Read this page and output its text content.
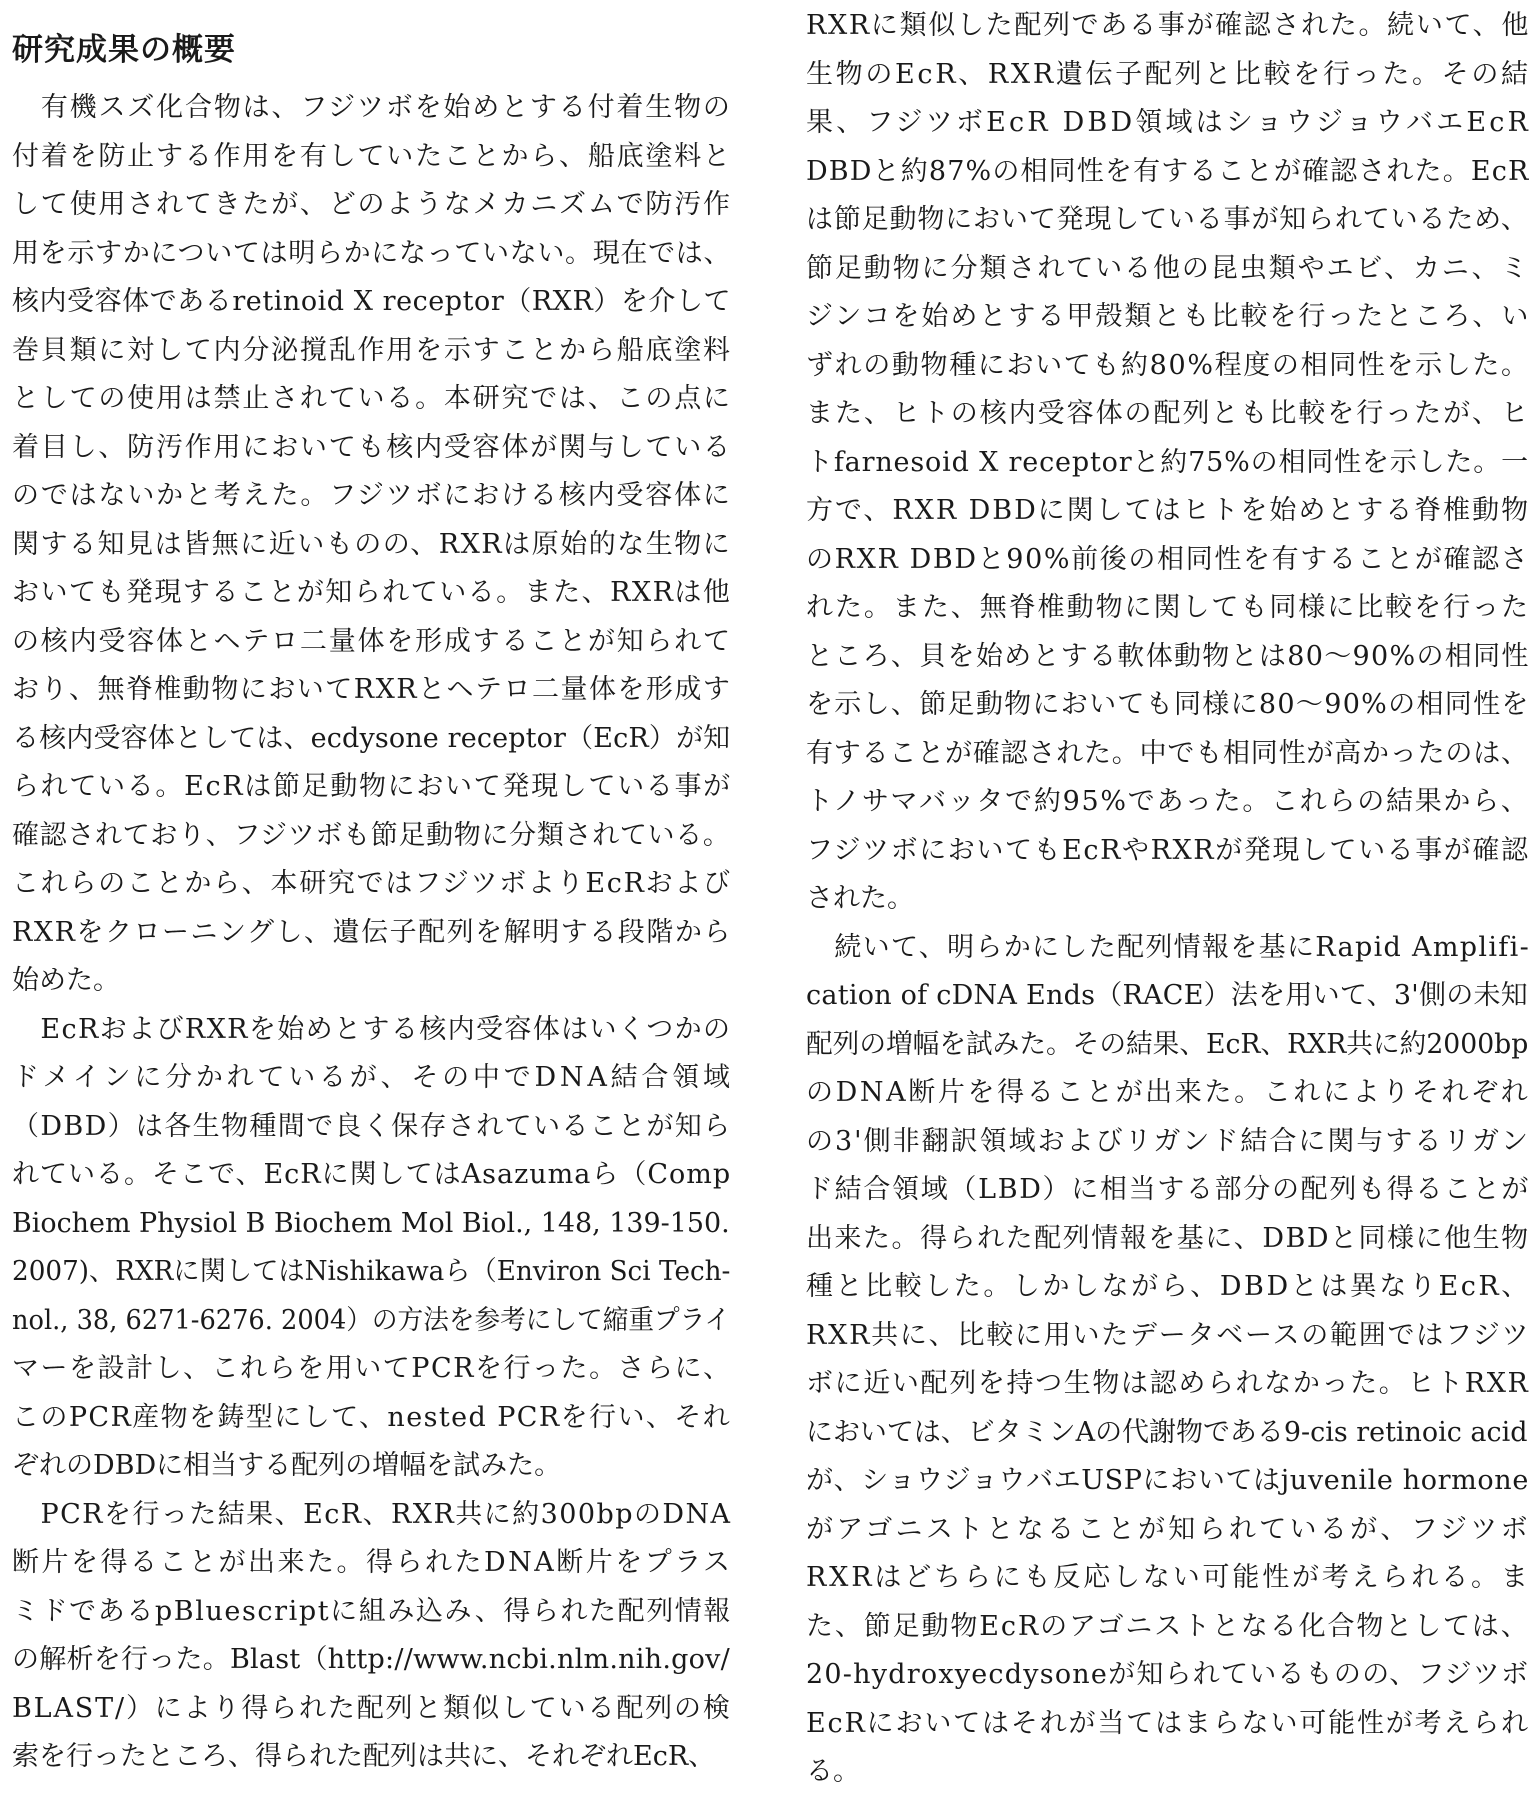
研究成果の概要
　有機スズ化合物は、フジツボを始めとする付着生物の
付着を防止する作用を有していたことから、船底塗料と
して使用されてきたが、どのようなメカニズムで防汚作
用を示すかについては明らかになっていない。現在では、
核内受容体であるretinoid X receptor（RXR）を介して
巻貝類に対して内分泌撹乱作用を示すことから船底塗料
としての使用は禁止されている。本研究では、この点に
着目し、防汚作用においても核内受容体が関与している
のではないかと考えた。フジツボにおける核内受容体に
関する知見は皆無に近いものの、RXRは原始的な生物に
おいても発現することが知られている。また、RXRは他
の核内受容体とヘテロ二量体を形成することが知られて
おり、無脊椎動物においてRXRとヘテロ二量体を形成す
る核内受容体としては、ecdysone receptor（EcR）が知
られている。EcRは節足動物において発現している事が
確認されており、フジツボも節足動物に分類されている。
これらのことから、本研究ではフジツボよりEcRおよび
RXRをクローニングし、遺伝子配列を解明する段階から
始めた。
　EcRおよびRXRを始めとする核内受容体はいくつかの
ドメインに分かれているが、その中でDNA結合領域
（DBD）は各生物種間で良く保存されていることが知ら
れている。そこで、EcRに関してはAsazumaら（Comp
Biochem Physiol B Biochem Mol Biol., 148, 139-150.
2007)、RXRに関してはNishikawaら（Environ Sci Tech-
nol., 38, 6271-6276. 2004）の方法を参考にして縮重プライ
マーを設計し、これらを用いてPCRを行った。さらに、
このPCR産物を鋳型にして、nested PCRを行い、それ
ぞれのDBDに相当する配列の増幅を試みた。
　PCRを行った結果、EcR、RXR共に約300bpのDNA
断片を得ることが出来た。得られたDNA断片をプラス
ミドであるpBluescriptに組み込み、得られた配列情報
の解析を行った。Blast（http://www.ncbi.nlm.nih.gov/
BLAST/）により得られた配列と類似している配列の検
索を行ったところ、得られた配列は共に、それぞれEcR、
RXRに類似した配列である事が確認された。続いて、他
生物のEcR、RXR遺伝子配列と比較を行った。その結
果、フジツボEcR DBD領域はショウジョウバエEcR
DBDと約87%の相同性を有することが確認された。EcR
は節足動物において発現している事が知られているため、
節足動物に分類されている他の昆虫類やエビ、カニ、ミ
ジンコを始めとする甲殻類とも比較を行ったところ、い
ずれの動物種においても約80%程度の相同性を示した。
また、ヒトの核内受容体の配列とも比較を行ったが、ヒ
トfarnesoid X receptorと約75%の相同性を示した。一
方で、RXR DBDに関してはヒトを始めとする脊椎動物
のRXR DBDと90%前後の相同性を有することが確認さ
れた。また、無脊椎動物に関しても同様に比較を行った
ところ、貝を始めとする軟体動物とは80～90%の相同性
を示し、節足動物においても同様に80～90%の相同性を
有することが確認された。中でも相同性が高かったのは、
トノサマバッタで約95%であった。これらの結果から、
フジツボにおいてもEcRやRXRが発現している事が確認
された。
　続いて、明らかにした配列情報を基にRapid Amplifi-
cation of cDNA Ends（RACE）法を用いて、3'側の未知
配列の増幅を試みた。その結果、EcR、RXR共に約2000bp
のDNA断片を得ることが出来た。これによりそれぞれ
の3'側非翻訳領域およびリガンド結合に関与するリガン
ド結合領域（LBD）に相当する部分の配列も得ることが
出来た。得られた配列情報を基に、DBDと同様に他生物
種と比較した。しかしながら、DBDとは異なりEcR、
RXR共に、比較に用いたデータベースの範囲ではフジツ
ボに近い配列を持つ生物は認められなかった。ヒトRXR
においては、ビタミンAの代謝物である9-cis retinoic acid
が、ショウジョウバエUSPにおいてはjuvenile hormone
がアゴニストとなることが知られているが、フジツボ
RXRはどちらにも反応しない可能性が考えられる。ま
た、節足動物EcRのアゴニストとなる化合物としては、
20-hydroxyecdysoneが知られているものの、フジツボ
EcRにおいてはそれが当てはまらない可能性が考えられ
る。
